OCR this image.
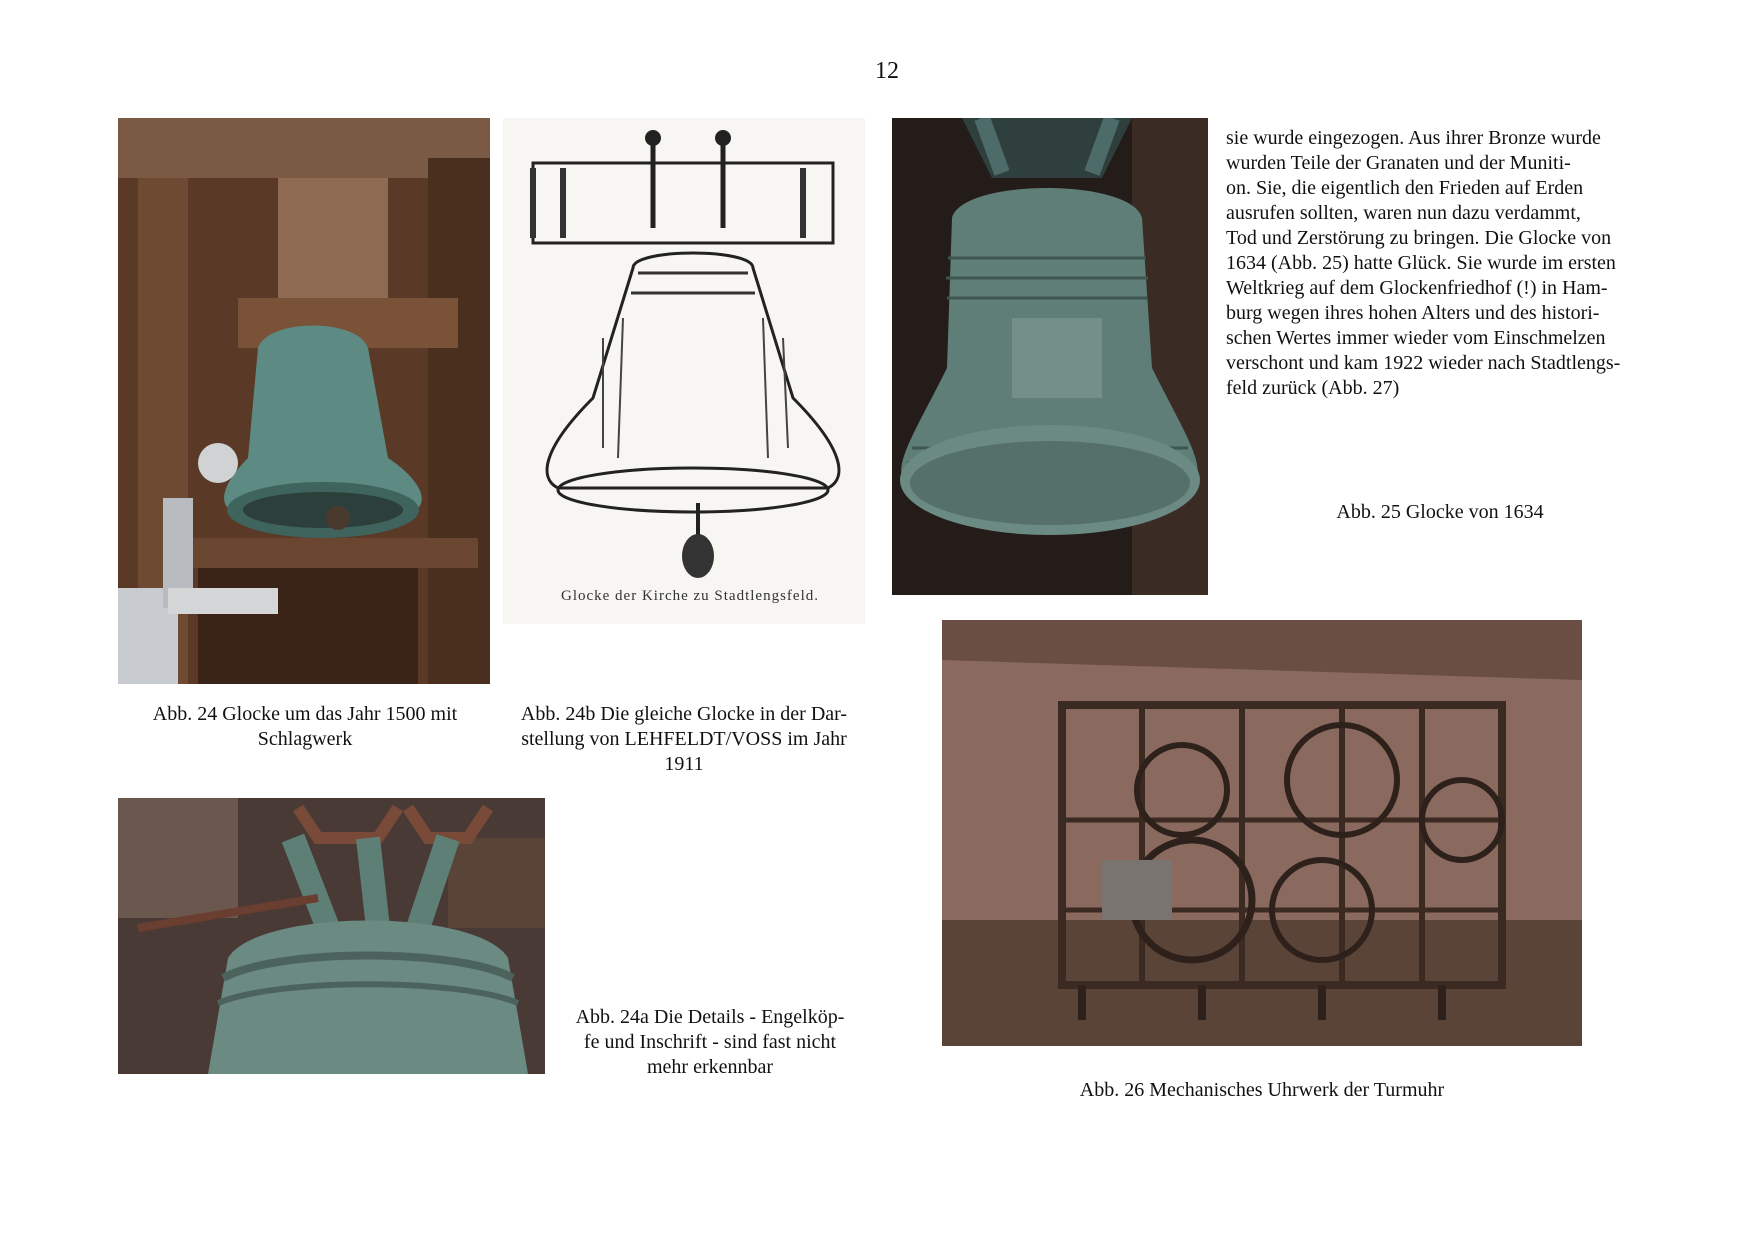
12
Glocke der Kirche zu Stadtlengsfeld.
sie wurde eingezogen. Aus ihrer Bronze wurde
wurden Teile der Granaten und der Muniti-
on. Sie, die eigentlich den Frieden auf Erden
ausrufen sollten, waren nun dazu verdammt,
Tod und Zerstörung zu bringen. Die Glocke von
1634 (Abb. 25) hatte Glück. Sie wurde im ersten
Weltkrieg auf dem Glockenfriedhof (!) in Ham-
burg wegen ihres hohen Alters und des histori-
schen Wertes immer wieder vom Einschmelzen
verschont und kam 1922 wieder nach Stadtlengs-
feld zurück (Abb. 27)
Abb. 25 Glocke von 1634
Abb. 24 Glocke um das Jahr 1500 mit
Schlagwerk
Abb. 24b Die gleiche Glocke in der Dar-
stellung von LEHFELDT/VOSS im Jahr
1911
Abb. 24a Die Details - Engelköp-
fe und Inschrift - sind fast nicht
mehr erkennbar
Abb. 26 Mechanisches Uhrwerk der Turmuhr
